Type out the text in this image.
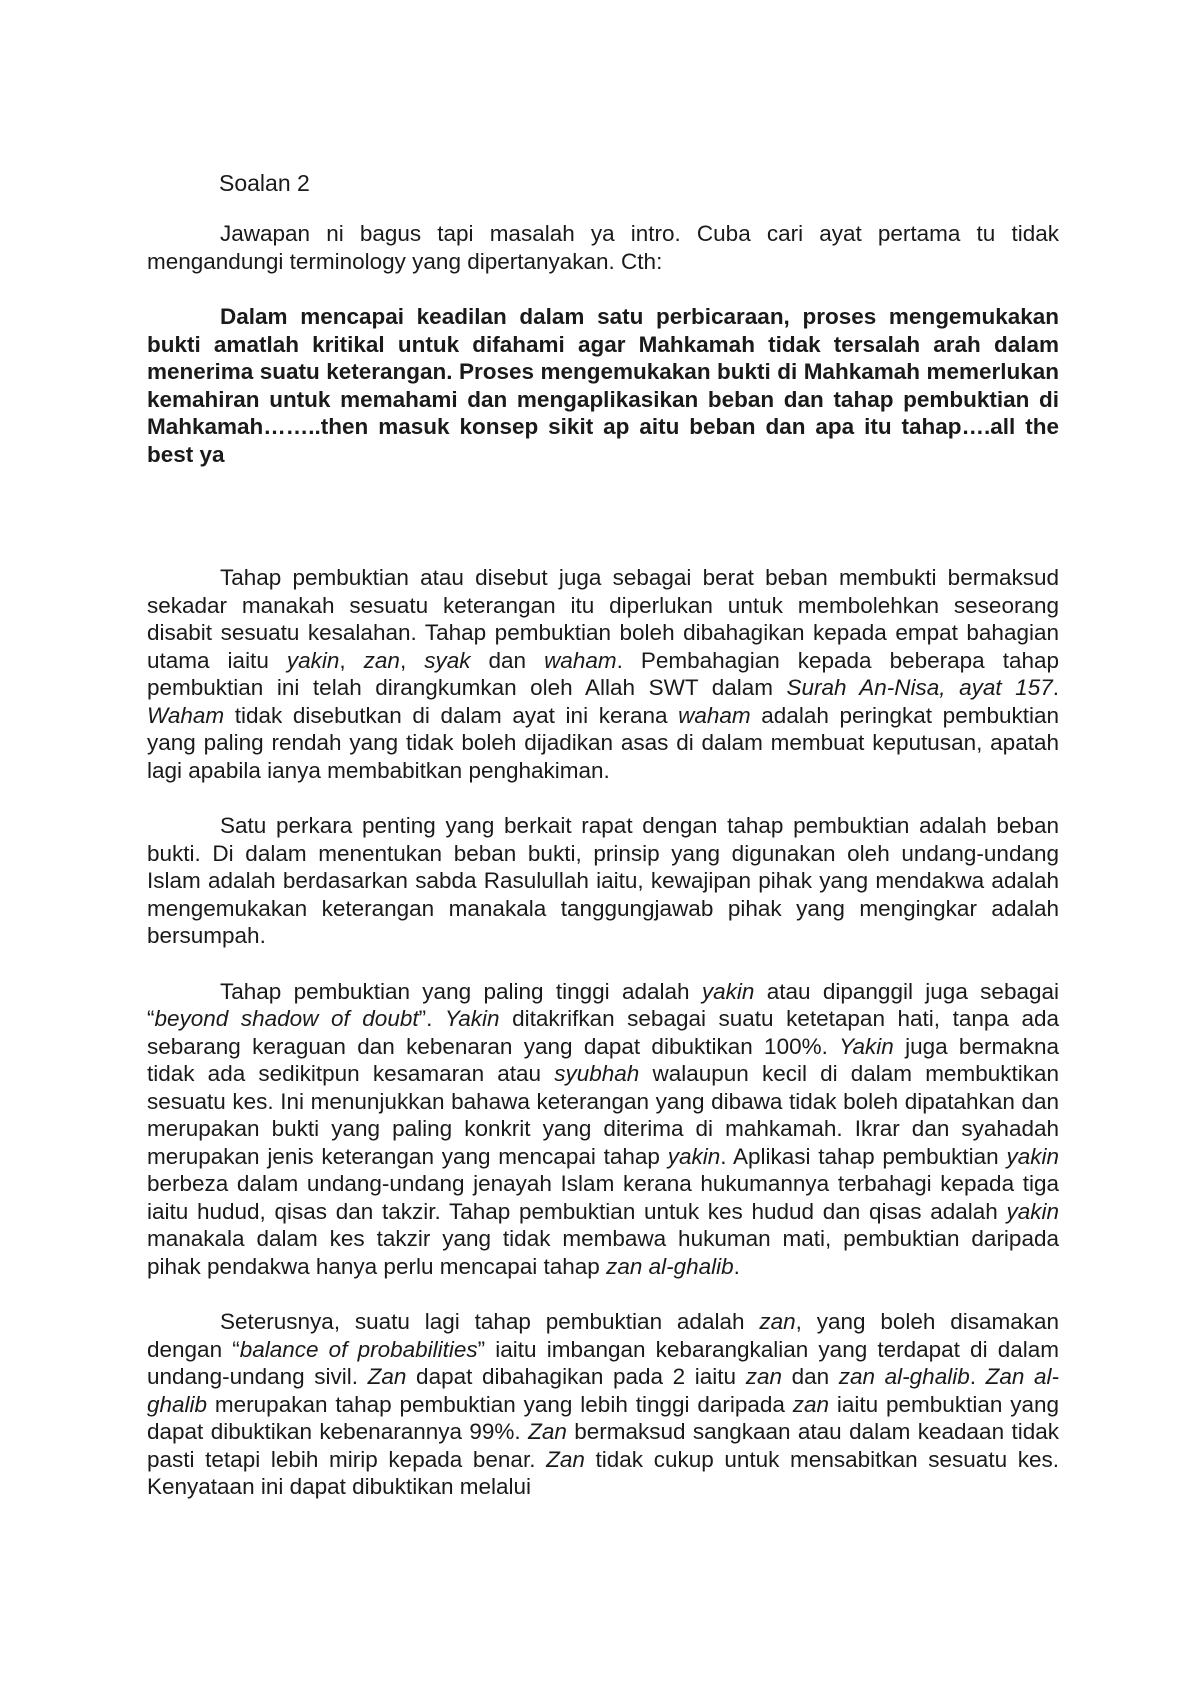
Soalan 2

Jawapan ni bagus tapi masalah ya intro. Cuba cari ayat pertama tu tidak mengandungi terminology yang dipertanyakan. Cth:

Dalam mencapai keadilan dalam satu perbicaraan, proses mengemukakan bukti amatlah kritikal untuk difahami agar Mahkamah tidak tersalah arah dalam menerima suatu keterangan. Proses mengemukakan bukti di Mahkamah memerlukan kemahiran untuk memahami dan mengaplikasikan beban dan tahap pembuktian di Mahkamah……..then masuk konsep sikit ap aitu beban dan apa itu tahap….all the best ya

Tahap pembuktian atau disebut juga sebagai berat beban membukti bermaksud sekadar manakah sesuatu keterangan itu diperlukan untuk membolehkan seseorang disabit sesuatu kesalahan. Tahap pembuktian boleh dibahagikan kepada empat bahagian utama iaitu yakin, zan, syak dan waham. Pembahagian kepada beberapa tahap pembuktian ini telah dirangkumkan oleh Allah SWT dalam Surah An-Nisa, ayat 157. Waham tidak disebutkan di dalam ayat ini kerana waham adalah peringkat pembuktian yang paling rendah yang tidak boleh dijadikan asas di dalam membuat keputusan, apatah lagi apabila ianya membabitkan penghakiman.

Satu perkara penting yang berkait rapat dengan tahap pembuktian adalah beban bukti. Di dalam menentukan beban bukti, prinsip yang digunakan oleh undang-undang Islam adalah berdasarkan sabda Rasulullah iaitu, kewajipan pihak yang mendakwa adalah mengemukakan keterangan manakala tanggungjawab pihak yang mengingkar adalah bersumpah.

Tahap pembuktian yang paling tinggi adalah yakin atau dipanggil juga sebagai “beyond shadow of doubt”. Yakin ditakrifkan sebagai suatu ketetapan hati, tanpa ada sebarang keraguan dan kebenaran yang dapat dibuktikan 100%. Yakin juga bermakna tidak ada sedikitpun kesamaran atau syubhah walaupun kecil di dalam membuktikan sesuatu kes. Ini menunjukkan bahawa keterangan yang dibawa tidak boleh dipatahkan dan merupakan bukti yang paling konkrit yang diterima di mahkamah. Ikrar dan syahadah merupakan jenis keterangan yang mencapai tahap yakin. Aplikasi tahap pembuktian yakin berbeza dalam undang-undang jenayah Islam kerana hukumannya terbahagi kepada tiga iaitu hudud, qisas dan takzir. Tahap pembuktian untuk kes hudud dan qisas adalah yakin manakala dalam kes takzir yang tidak membawa hukuman mati, pembuktian daripada pihak pendakwa hanya perlu mencapai tahap zan al-ghalib.

Seterusnya, suatu lagi tahap pembuktian adalah zan, yang boleh disamakan dengan “balance of probabilities” iaitu imbangan kebarangkalian yang terdapat di dalam undang-undang sivil. Zan dapat dibahagikan pada 2 iaitu zan dan zan al-ghalib. Zan al-ghalib merupakan tahap pembuktian yang lebih tinggi daripada zan iaitu pembuktian yang dapat dibuktikan kebenarannya 99%. Zan bermaksud sangkaan atau dalam keadaan tidak pasti tetapi lebih mirip kepada benar. Zan tidak cukup untuk mensabitkan sesuatu kes. Kenyataan ini dapat dibuktikan melalui
